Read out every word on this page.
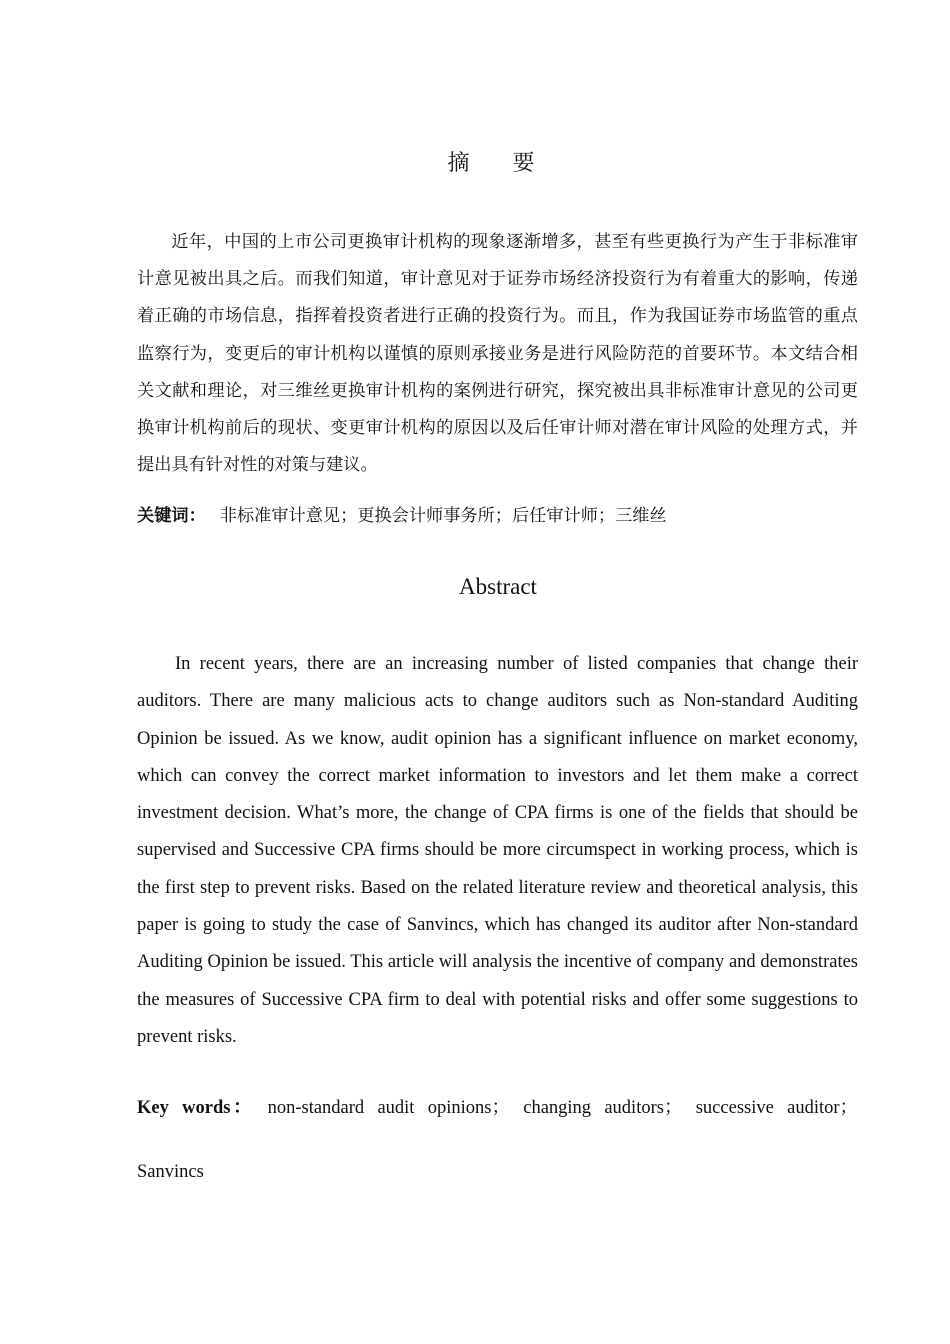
摘 要

近年，中国的上市公司更换审计机构的现象逐渐增多，甚至有些更换行为产生于非标准审计意见被出具之后。而我们知道，审计意见对于证券市场经济投资行为有着重大的影响，传递着正确的市场信息，指挥着投资者进行正确的投资行为。而且，作为我国证券市场监管的重点监察行为，变更后的审计机构以谨慎的原则承接业务是进行风险防范的首要环节。本文结合相关文献和理论，对三维丝更换审计机构的案例进行研究，探究被出具非标准审计意见的公司更换审计机构前后的现状、变更审计机构的原因以及后任审计师对潜在审计风险的处理方式，并提出具有针对性的对策与建议。

关键词： 非标准审计意见；更换会计师事务所；后任审计师；三维丝
Abstract

In recent years, there are an increasing number of listed companies that change their auditors. There are many malicious acts to change auditors such as Non-standard Auditing Opinion be issued. As we know, audit opinion has a significant influence on market economy, which can convey the correct market information to investors and let them make a correct investment decision. What’s more, the change of CPA firms is one of the fields that should be supervised and Successive CPA firms should be more circumspect in working process, which is the first step to prevent risks. Based on the related literature review and theoretical analysis, this paper is going to study the case of Sanvincs, which has changed its auditor after Non-standard Auditing Opinion be issued. This article will analysis the incentive of company and demonstrates the measures of Successive CPA firm to deal with potential risks and offer some suggestions to prevent risks.

Key words： non-standard audit opinions； changing auditors； successive auditor； Sanvincs
